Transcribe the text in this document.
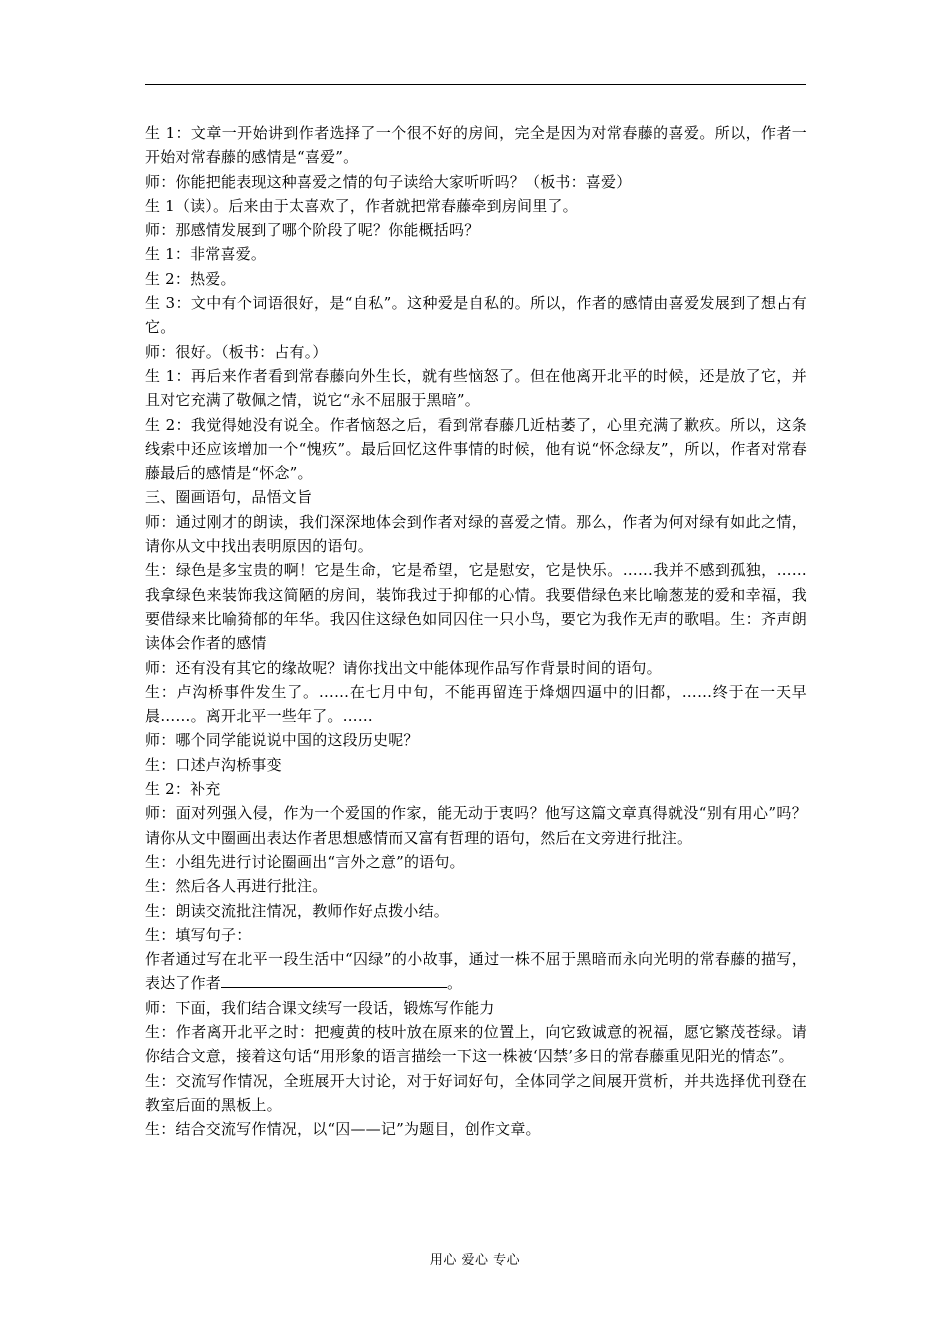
生 1：文章一开始讲到作者选择了一个很不好的房间，完全是因为对常春藤的喜爱。所以，作者一开始对常春藤的感情是“喜爱”。

师：你能把能表现这种喜爱之情的句子读给大家听听吗？（板书：喜爱）

生 1（读）。后来由于太喜欢了，作者就把常春藤牵到房间里了。

师：那感情发展到了哪个阶段了呢？你能概括吗？

生 1：非常喜爱。

生 2：热爱。

生 3：文中有个词语很好，是“自私”。这种爱是自私的。所以，作者的感情由喜爱发展到了想占有它。

师：很好。（板书：占有。）

生 1：再后来作者看到常春藤向外生长，就有些恼怒了。但在他离开北平的时候，还是放了它，并且对它充满了敬佩之情，说它“永不屈服于黑暗”。

生 2：我觉得她没有说全。作者恼怒之后，看到常春藤几近枯萎了，心里充满了歉疚。所以，这条线索中还应该增加一个“愧疚”。最后回忆这件事情的时候，他有说“怀念绿友”，所以，作者对常春藤最后的感情是“怀念”。

三、圈画语句，品悟文旨

师：通过刚才的朗读，我们深深地体会到作者对绿的喜爱之情。那么，作者为何对绿有如此之情，请你从文中找出表明原因的语句。

生：绿色是多宝贵的啊！它是生命，它是希望，它是慰安，它是快乐。……我并不感到孤独，……我拿绿色来装饰我这简陋的房间，装饰我过于抑郁的心情。我要借绿色来比喻葱茏的爱和幸福，我要借绿来比喻猗郁的年华。我囚住这绿色如同囚住一只小鸟，要它为我作无声的歌唱。生：齐声朗读体会作者的感情

师：还有没有其它的缘故呢？请你找出文中能体现作品写作背景时间的语句。

生：卢沟桥事件发生了。……在七月中旬，不能再留连于烽烟四逼中的旧都，……终于在一天早晨……。离开北平一些年了。……

师：哪个同学能说说中国的这段历史呢？

生：口述卢沟桥事变

生 2：补充

师：面对列强入侵，作为一个爱国的作家，能无动于衷吗？他写这篇文章真得就没“别有用心”吗？请你从文中圈画出表达作者思想感情而又富有哲理的语句，然后在文旁进行批注。

生：小组先进行讨论圈画出“言外之意”的语句。

生：然后各人再进行批注。

生：朗读交流批注情况，教师作好点拨小结。

生：填写句子：

作者通过写在北平一段生活中“囚绿”的小故事，通过一株不屈于黑暗而永向光明的常春藤的描写，表达了作者	。

师：下面，我们结合课文续写一段话，锻炼写作能力

生：作者离开北平之时：把瘦黄的枝叶放在原来的位置上，向它致诚意的祝福，愿它繁茂苍绿。请你结合文意，接着这句话“用形象的语言描绘一下这一株被‘囚禁’多日的常春藤重见阳光的情态”。

生：交流写作情况，全班展开大讨论，对于好词好句，全体同学之间展开赏析，并共选择优刊登在教室后面的黑板上。

生：结合交流写作情况，以“囚——记”为题目，创作文章。

用心 爱心 专心
